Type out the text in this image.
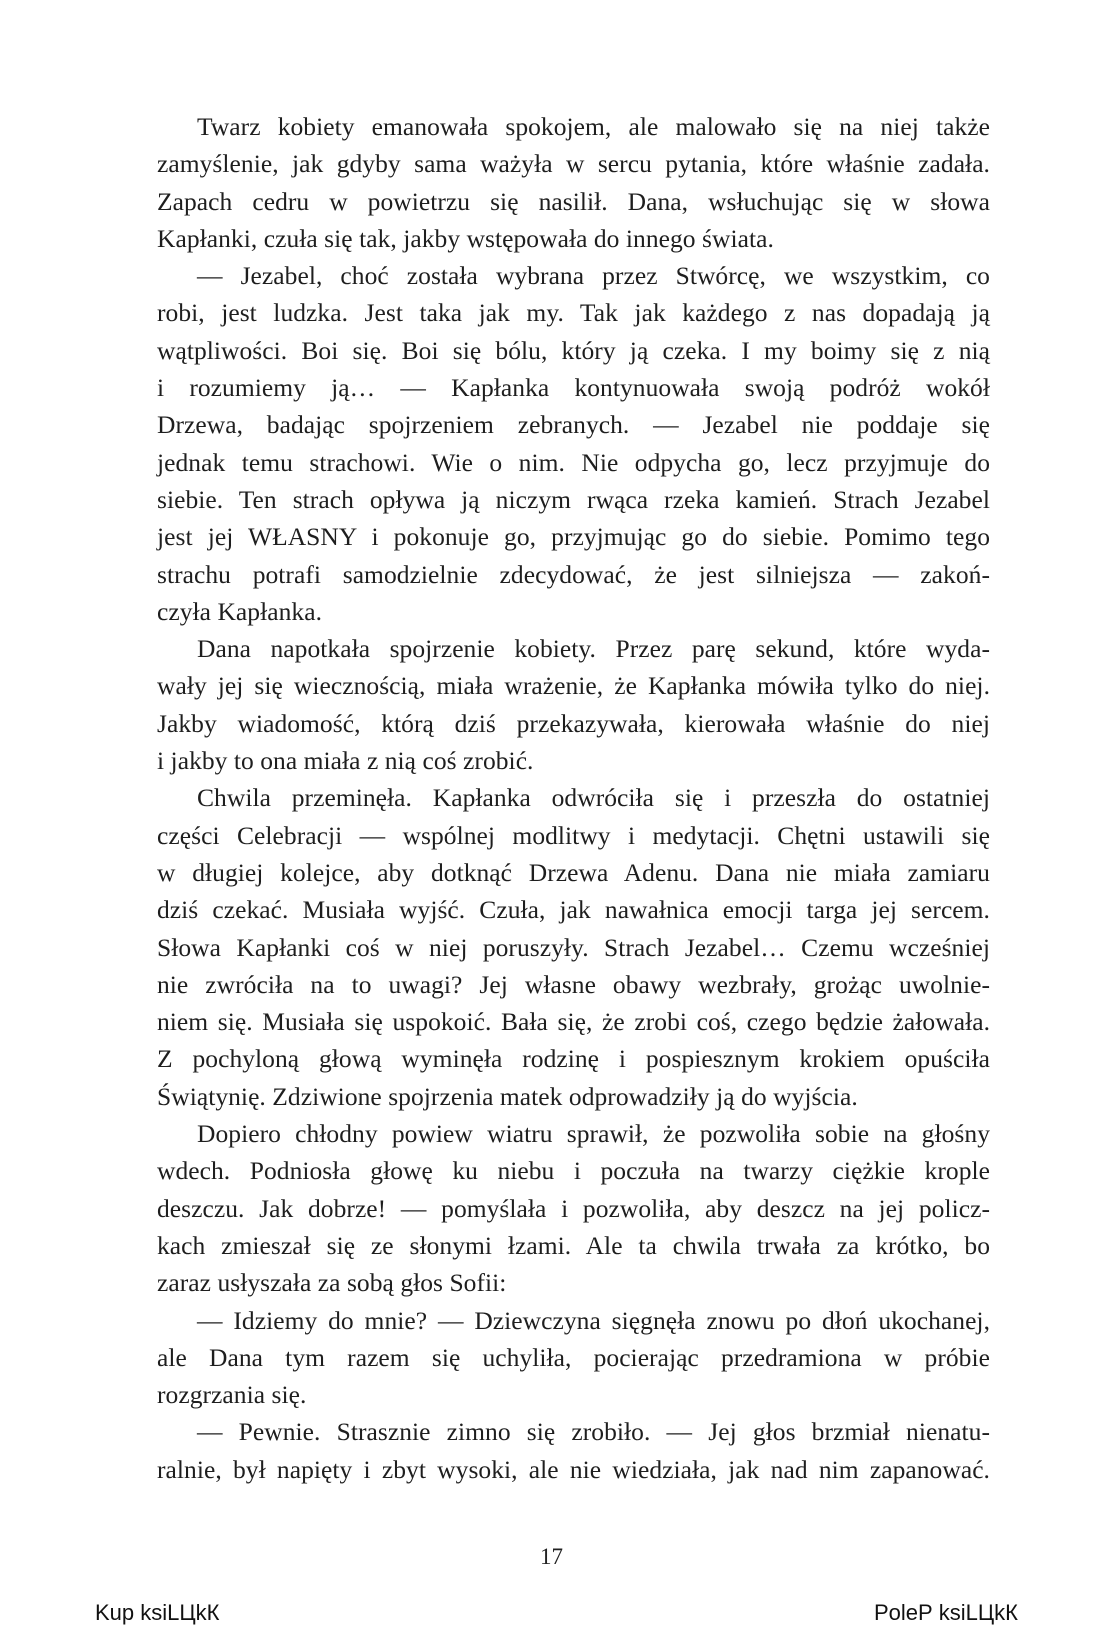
Twarz kobiety emanowała spokojem, ale malowało się na niej także
zamyślenie, jak gdyby sama ważyła w sercu pytania, które właśnie zadała.
Zapach cedru w powietrzu się nasilił. Dana, wsłuchując się w słowa
Kapłanki, czuła się tak, jakby wstępowała do innego świata.
— Jezabel, choć została wybrana przez Stwórcę, we wszystkim, co
robi, jest ludzka. Jest taka jak my. Tak jak każdego z nas dopadają ją
wątpliwości. Boi się. Boi się bólu, który ją czeka. I my boimy się z nią
i rozumiemy ją… — Kapłanka kontynuowała swoją podróż wokół
Drzewa, badając spojrzeniem zebranych. — Jezabel nie poddaje się
jednak temu strachowi. Wie o nim. Nie odpycha go, lecz przyjmuje do
siebie. Ten strach opływa ją niczym rwąca rzeka kamień. Strach Jezabel
jest jej WŁASNY i pokonuje go, przyjmując go do siebie. Pomimo tego
strachu potrafi samodzielnie zdecydować, że jest silniejsza — zakoń-
czyła Kapłanka.
Dana napotkała spojrzenie kobiety. Przez parę sekund, które wyda-
wały jej się wiecznością, miała wrażenie, że Kapłanka mówiła tylko do niej.
Jakby wiadomość, którą dziś przekazywała, kierowała właśnie do niej
i jakby to ona miała z nią coś zrobić.
Chwila przeminęła. Kapłanka odwróciła się i przeszła do ostatniej
części Celebracji — wspólnej modlitwy i medytacji. Chętni ustawili się
w długiej kolejce, aby dotknąć Drzewa Adenu. Dana nie miała zamiaru
dziś czekać. Musiała wyjść. Czuła, jak nawałnica emocji targa jej sercem.
Słowa Kapłanki coś w niej poruszyły. Strach Jezabel… Czemu wcześniej
nie zwróciła na to uwagi? Jej własne obawy wezbrały, grożąc uwolnie-
niem się. Musiała się uspokoić. Bała się, że zrobi coś, czego będzie żałowała.
Z pochyloną głową wyminęła rodzinę i pospiesznym krokiem opuściła
Świątynię. Zdziwione spojrzenia matek odprowadziły ją do wyjścia.
Dopiero chłodny powiew wiatru sprawił, że pozwoliła sobie na głośny
wdech. Podniosła głowę ku niebu i poczuła na twarzy ciężkie krople
deszczu. Jak dobrze! — pomyślała i pozwoliła, aby deszcz na jej policz-
kach zmieszał się ze słonymi łzami. Ale ta chwila trwała za krótko, bo
zaraz usłyszała za sobą głos Sofii:
— Idziemy do mnie? — Dziewczyna sięgnęła znowu po dłoń ukochanej,
ale Dana tym razem się uchyliła, pocierając przedramiona w próbie
rozgrzania się.
— Pewnie. Strasznie zimno się zrobiło. — Jej głos brzmiał nienatu-
ralnie, był napięty i zbyt wysoki, ale nie wiedziała, jak nad nim zapanować.
17
Kup ksiLЦkК	PoleР ksiLЦkК
